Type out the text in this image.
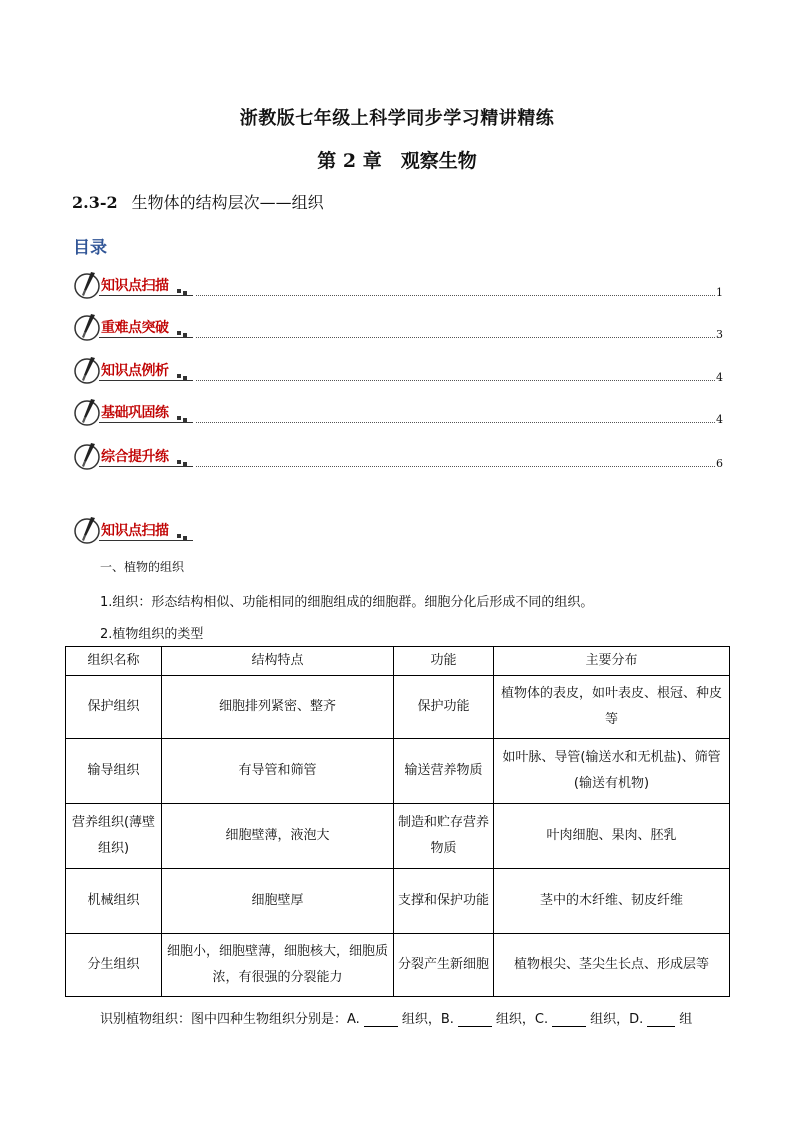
浙教版七年级上科学同步学习精讲精练
第 2 章　观察生物
2.3-2 生物体的结构层次——组织
目录
知识点扫描	1
重难点突破	3
知识点例析	4
基础巩固练	4
综合提升练	6
知识点扫描
一、植物的组织
1.组织：形态结构相似、功能相同的细胞组成的细胞群。细胞分化后形成不同的组织。
2.植物组织的类型
组织名称	结构特点	功能	主要分布
保护组织	细胞排列紧密、整齐	保护功能	植物体的表皮，如叶表皮、根冠、种皮等
输导组织	有导管和筛管	输送营养物质	如叶脉、导管(输送水和无机盐)、筛管(输送有机物)
营养组织(薄壁组织)	细胞壁薄，液泡大	制造和贮存营养物质	叶肉细胞、果肉、胚乳
机械组织	细胞壁厚	支撑和保护功能	茎中的木纤维、韧皮纤维
分生组织	细胞小，细胞壁薄，细胞核大，细胞质浓，有很强的分裂能力	分裂产生新细胞	植物根尖、茎尖生长点、形成层等
识别植物组织：图中四种生物组织分别是：A.	组织，B.	组织，C.	组织，D.	组
